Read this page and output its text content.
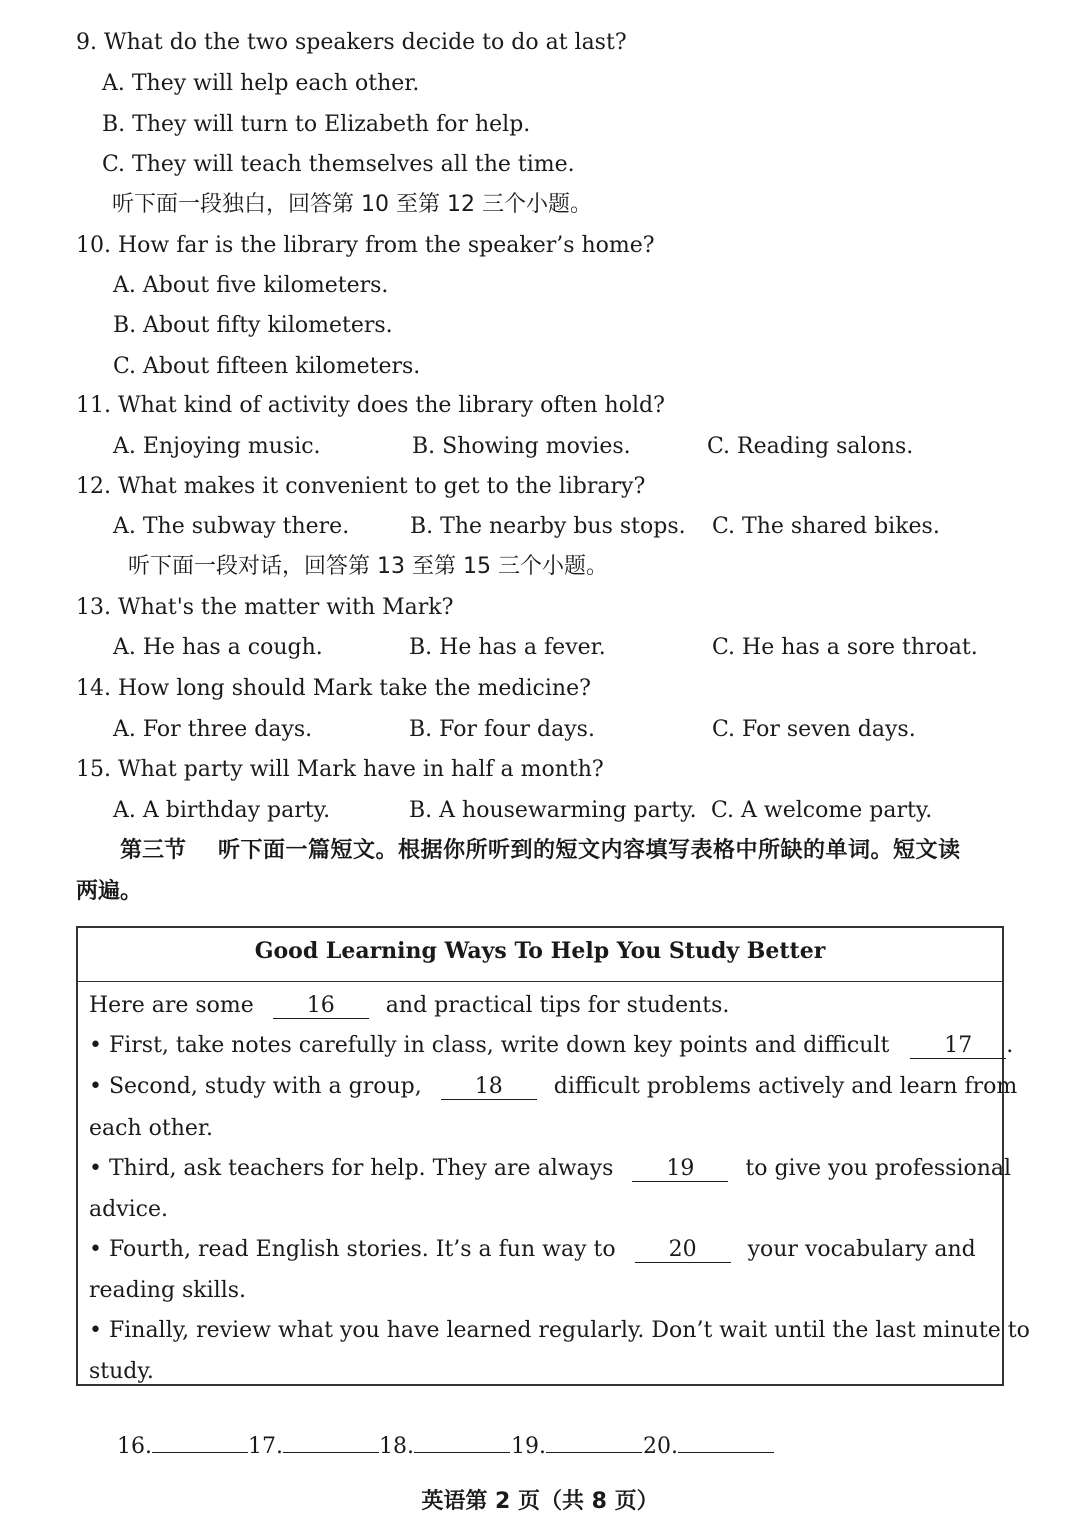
9. What do the two speakers decide to do at last?
A. They will help each other.
B. They will turn to Elizabeth for help.
C. They will teach themselves all the time.
听下面一段独白，回答第 10 至第 12 三个小题。
10. How far is the library from the speaker’s home?
A. About five kilometers.
B. About fifty kilometers.
C. About fifteen kilometers.
11. What kind of activity does the library often hold?
A. Enjoying music.	B. Showing movies.	C. Reading salons.
12. What makes it convenient to get to the library?
A. The subway there.	B. The nearby bus stops. C. The shared bikes.
听下面一段对话，回答第 13 至第 15 三个小题。
13. What's the matter with Mark?
A. He has a cough.	B. He has a fever.	C. He has a sore throat.
14. How long should Mark take the medicine?
A. For three days.	B. For four days.	C. For seven days.
15. What party will Mark have in half a month?
A. A birthday party.	B. A housewarming party. C. A welcome party.
第三节 听下面一篇短文。根据你所听到的短文内容填写表格中所缺的单词。短文读
两遍。
Good Learning Ways To Help You Study Better
Here are some 16 and practical tips for students.
• First, take notes carefully in class, write down key points and difficult	17 .
• Second, study with a group, 18 difficult problems actively and learn from
each other.
• Third, ask teachers for help. They are always 19 to give you professional
advice.
• Fourth, read English stories. It’s a fun way to 20 your vocabulary and
reading skills.
• Finally, review what you have learned regularly. Don’t wait until the last minute to
study.
16.	17.	18.	19.	20.
英语第 2 页（共 8 页）
